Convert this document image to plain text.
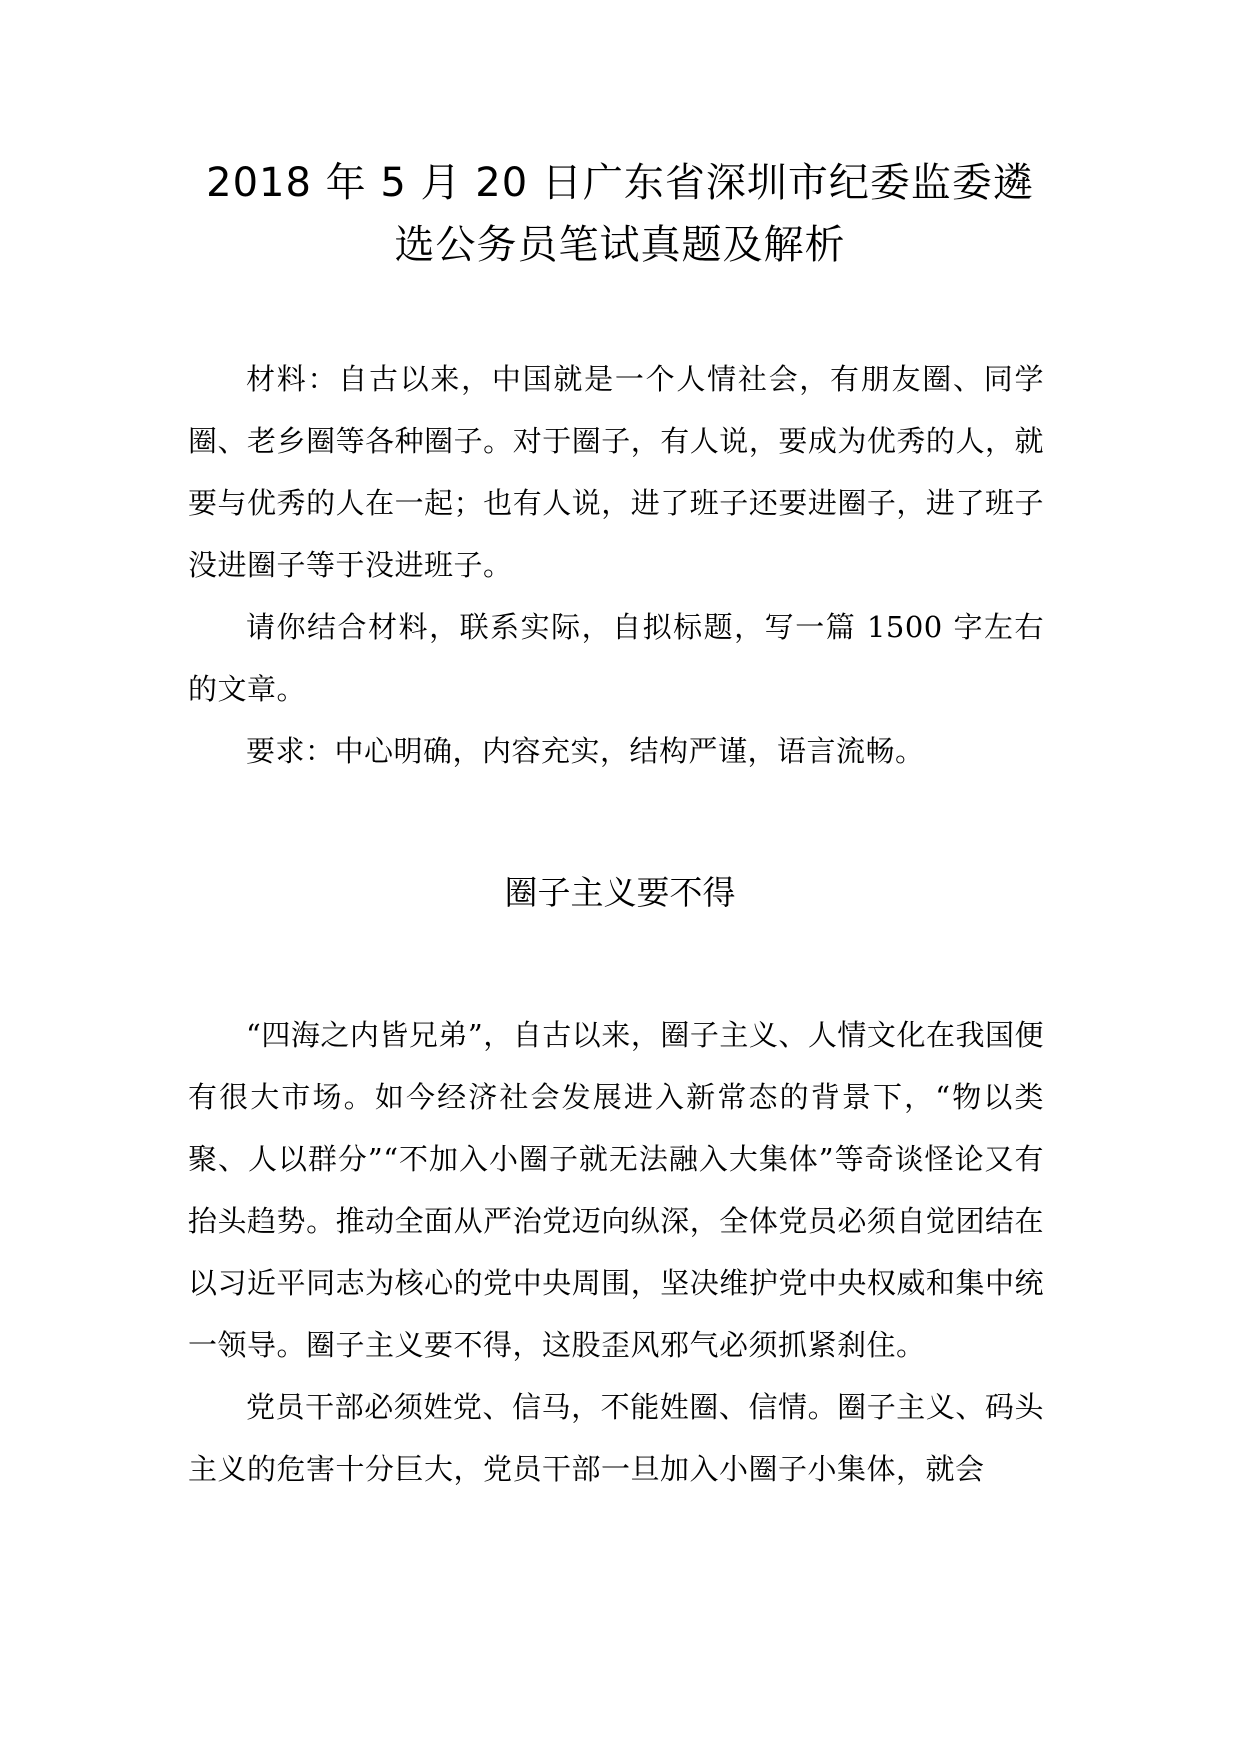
2018 年 5 月 20 日广东省深圳市纪委监委遴
选公务员笔试真题及解析

材料：自古以来，中国就是一个人情社会，有朋友圈、同学圈、老乡圈等各种圈子。对于圈子，有人说，要成为优秀的人，就要与优秀的人在一起；也有人说，进了班子还要进圈子，进了班子没进圈子等于没进班子。

请你结合材料，联系实际，自拟标题，写一篇 1500 字左右的文章。

要求：中心明确，内容充实，结构严谨，语言流畅。

圈子主义要不得

“四海之内皆兄弟”，自古以来，圈子主义、人情文化在我国便有很大市场。如今经济社会发展进入新常态的背景下，“物以类聚、人以群分”“不加入小圈子就无法融入大集体”等奇谈怪论又有抬头趋势。推动全面从严治党迈向纵深，全体党员必须自觉团结在以习近平同志为核心的党中央周围，坚决维护党中央权威和集中统一领导。圈子主义要不得，这股歪风邪气必须抓紧刹住。

党员干部必须姓党、信马，不能姓圈、信情。圈子主义、码头主义的危害十分巨大，党员干部一旦加入小圈子小集体，就会
